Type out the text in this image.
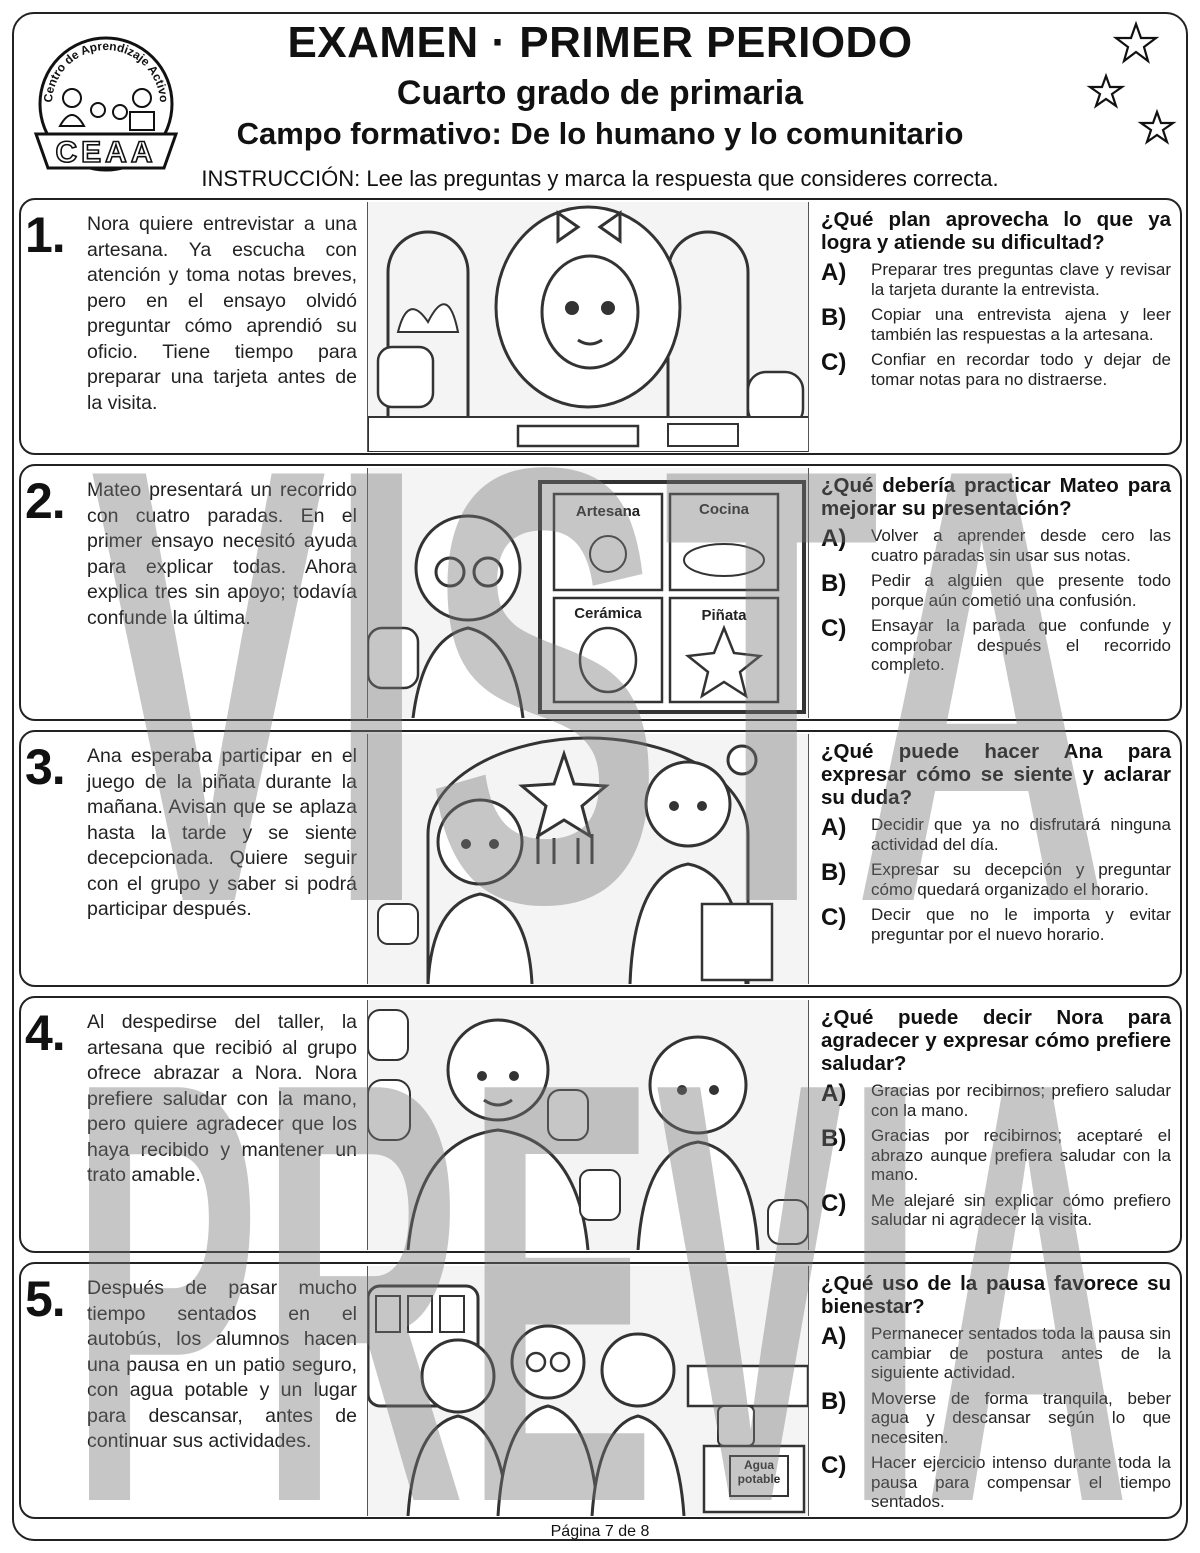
Centro de Aprendizaje Activo
CEAA
EXAMEN · PRIMER PERIODO
Cuarto grado de primaria
Campo formativo: De lo humano y lo comunitario
INSTRUCCIÓN: Lee las preguntas y marca la respuesta que consideres correcta.
1. Nora quiere entrevistar a una artesana. Ya escucha con atención y toma notas breves, pero en el ensayo olvidó preguntar cómo aprendió su oficio. Tiene tiempo para preparar una tarjeta antes de la visita.
¿Qué plan aprovecha lo que ya logra y atiende su dificultad?
A)	Preparar tres preguntas clave y revisar la tarjeta durante la entrevista.
B)	Copiar una entrevista ajena y leer también las respuestas a la artesana.
C)	Confiar en recordar todo y dejar de tomar notas para no distraerse.
2. Mateo presentará un recorrido con cuatro paradas. En el primer ensayo necesitó ayuda para explicar todas. Ahora explica tres sin apoyo; todavía confunde la última.
Artesana	Cocina
Cerámica	Piñata
¿Qué debería practicar Mateo para mejorar su presentación?
A)	Volver a aprender desde cero las cuatro paradas sin usar sus notas.
B)	Pedir a alguien que presente todo porque aún cometió una confusión.
C)	Ensayar la parada que confunde y comprobar después el recorrido completo.
3. Ana esperaba participar en el juego de la piñata durante la mañana. Avisan que se aplaza hasta la tarde y se siente decepcionada. Quiere seguir con el grupo y saber si podrá participar después.
¿Qué puede hacer Ana para expresar cómo se siente y aclarar su duda?
A)	Decidir que ya no disfrutará ninguna actividad del día.
B)	Expresar su decepción y preguntar cómo quedará organizado el horario.
C)	Decir que no le importa y evitar preguntar por el nuevo horario.
4. Al despedirse del taller, la artesana que recibió al grupo ofrece abrazar a Nora. Nora prefiere saludar con la mano, pero quiere agradecer que los haya recibido y mantener un trato amable.
¿Qué puede decir Nora para agradecer y expresar cómo prefiere saludar?
A)	Gracias por recibirnos; prefiero saludar con la mano.
B)	Gracias por recibirnos; aceptaré el abrazo aunque prefiera saludar con la mano.
C)	Me alejaré sin explicar cómo prefiero saludar ni agradecer la visita.
5. Después de pasar mucho tiempo sentados en el autobús, los alumnos hacen una pausa en un patio seguro, con agua potable y un lugar para descansar, antes de continuar sus actividades.
Agua potable
¿Qué uso de la pausa favorece su bienestar?
A)	Permanecer sentados toda la pausa sin cambiar de postura antes de la siguiente actividad.
B)	Moverse de forma tranquila, beber agua y descansar según lo que necesiten.
C)	Hacer ejercicio intenso durante toda la pausa para compensar el tiempo sentados.
Página 7 de 8
VISTA
PREVIA
